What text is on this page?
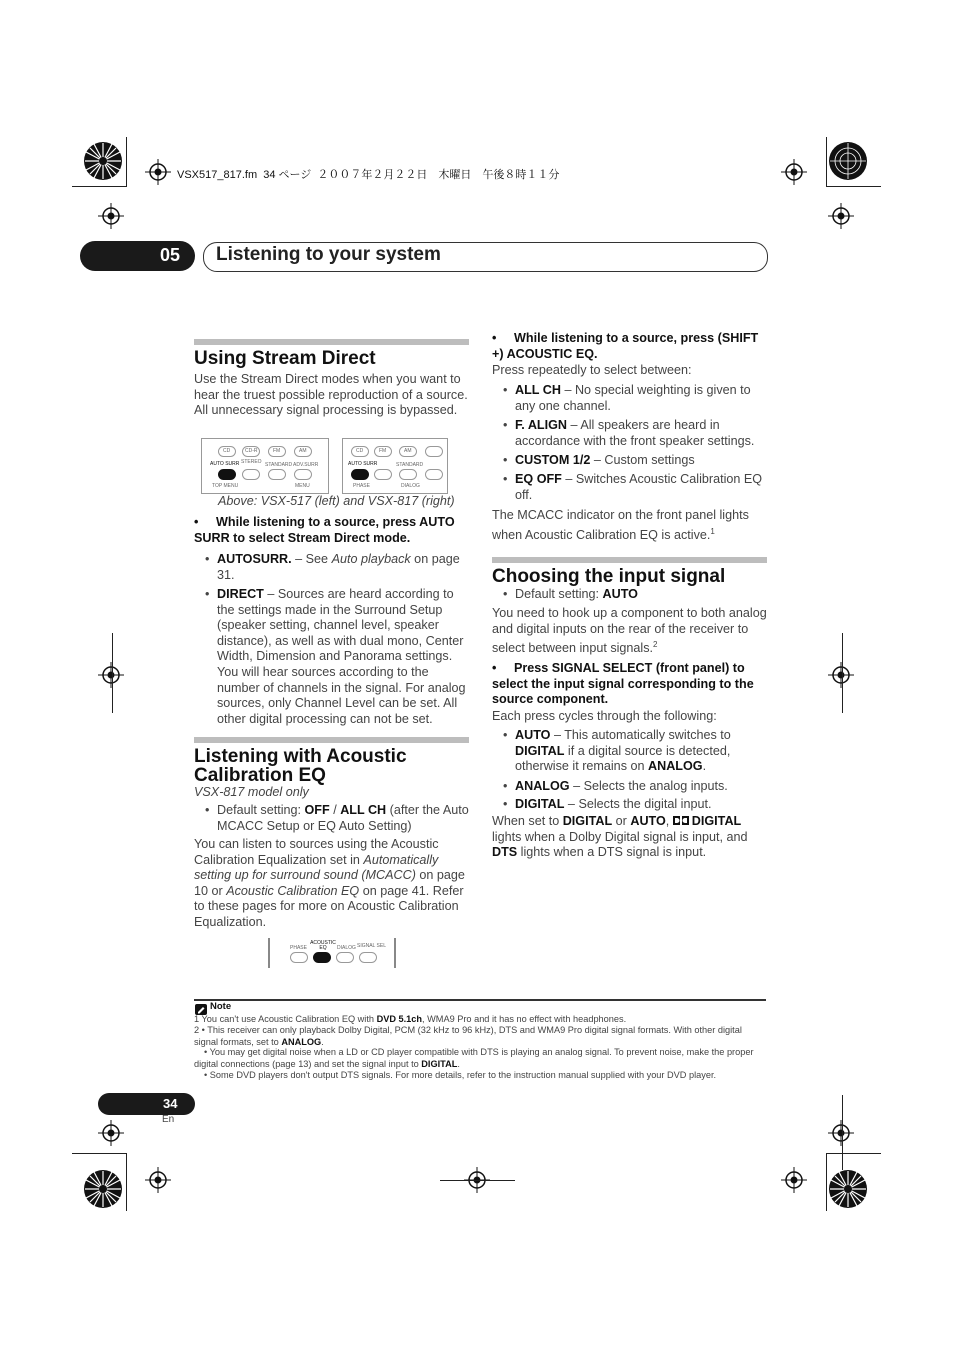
VSX517_817.fm  34 ページ  ２００７年２月２２日　木曜日　午後８時１１分
05 Listening to your system
Using Stream Direct
Use the Stream Direct modes when you want to hear the truest possible reproduction of a source. All unnecessary signal processing is bypassed.
CD	CD-R	FM	AM
AUTO SURR STEREO STANDARD ADV.SURR
TOP MENU	MENU
CD	FM	AM
AUTO SURR	STANDARD
PHASE	DIALOG
Above: VSX-517 (left) and VSX-817 (right)
•	While listening to a source, press AUTO SURR to select Stream Direct mode.
• AUTOSURR. – See Auto playback on page 31.
• DIRECT – Sources are heard according to the settings made in the Surround Setup (speaker setting, channel level, speaker distance), as well as with dual mono, Center Width, Dimension and Panorama settings. You will hear sources according to the number of channels in the signal. For analog sources, only Channel Level can be set. All other digital processing can not be set.
Listening with Acoustic
Calibration EQ
VSX-817 model only
• Default setting: OFF / ALL CH (after the Auto MCACC Setup or EQ Auto Setting)
You can listen to sources using the Acoustic Calibration Equalization set in Automatically setting up for surround sound (MCACC) on page 10 or Acoustic Calibration EQ on page 41. Refer to these pages for more on Acoustic Calibration Equalization.
PHASE
ACOUSTIC EQ	DIALOG SIGNAL SEL
•	While listening to a source, press (SHIFT +) ACOUSTIC EQ.
Press repeatedly to select between:
• ALL CH – No special weighting is given to any one channel.
• F. ALIGN – All speakers are heard in accordance with the front speaker settings.
• CUSTOM 1/2 – Custom settings
• EQ OFF – Switches Acoustic Calibration EQ off.
The MCACC indicator on the front panel lights when Acoustic Calibration EQ is active.$^1$
Choosing the input signal
• Default setting: AUTO
You need to hook up a component to both analog and digital inputs on the rear of the receiver to select between input signals.$^2$
•	Press SIGNAL SELECT (front panel) to select the input signal corresponding to the source component.
Each press cycles through the following:
• AUTO – This automatically switches to DIGITAL if a digital source is detected, otherwise it remains on ANALOG.
• ANALOG – Selects the analog inputs.
• DIGITAL – Selects the digital input.
When set to DIGITAL or AUTO, DIGITAL lights when a Dolby Digital signal is input, and DTS lights when a DTS signal is input.
Note
1 You can't use Acoustic Calibration EQ with DVD 5.1ch, WMA9 Pro and it has no effect with headphones.
2 • This receiver can only playback Dolby Digital, PCM (32 kHz to 96 kHz), DTS and WMA9 Pro digital signal formats. With other digital signal formats, set to ANALOG.
• You may get digital noise when a LD or CD player compatible with DTS is playing an analog signal. To prevent noise, make the proper digital connections (page 13) and set the signal input to DIGITAL.
• Some DVD players don't output DTS signals. For more details, refer to the instruction manual supplied with your DVD player.
34
En
